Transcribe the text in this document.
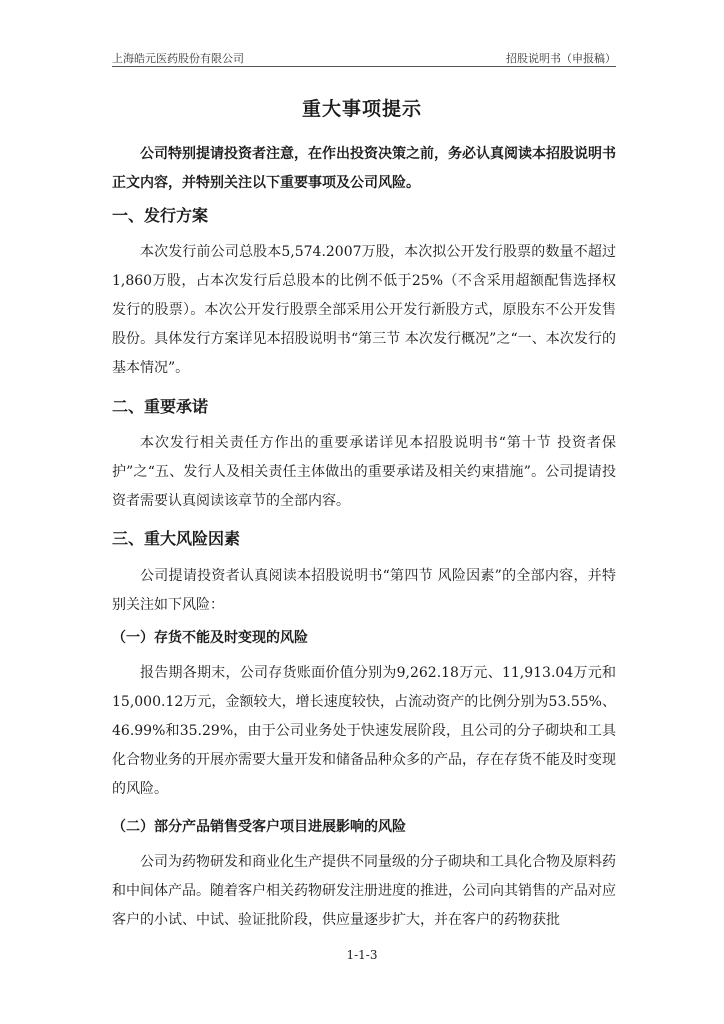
上海皓元医药股份有限公司	招股说明书（申报稿）
重大事项提示

公司特别提请投资者注意，在作出投资决策之前，务必认真阅读本招股说明书正文内容，并特别关注以下重要事项及公司风险。

一、发行方案

本次发行前公司总股本5,574.2007万股，本次拟公开发行股票的数量不超过1,860万股，占本次发行后总股本的比例不低于25%（不含采用超额配售选择权发行的股票）。本次公开发行股票全部采用公开发行新股方式，原股东不公开发售股份。具体发行方案详见本招股说明书“第三节 本次发行概况”之“一、本次发行的基本情况”。

二、重要承诺

本次发行相关责任方作出的重要承诺详见本招股说明书“第十节 投资者保护”之“五、发行人及相关责任主体做出的重要承诺及相关约束措施”。公司提请投资者需要认真阅读该章节的全部内容。

三、重大风险因素

公司提请投资者认真阅读本招股说明书“第四节 风险因素”的全部内容，并特别关注如下风险：

（一）存货不能及时变现的风险

报告期各期末，公司存货账面价值分别为9,262.18万元、11,913.04万元和15,000.12万元，金额较大，增长速度较快，占流动资产的比例分别为53.55%、46.99%和35.29%，由于公司业务处于快速发展阶段，且公司的分子砌块和工具化合物业务的开展亦需要大量开发和储备品种众多的产品，存在存货不能及时变现的风险。

（二）部分产品销售受客户项目进展影响的风险

公司为药物研发和商业化生产提供不同量级的分子砌块和工具化合物及原料药和中间体产品。随着客户相关药物研发注册进度的推进，公司向其销售的产品对应客户的小试、中试、验证批阶段，供应量逐步扩大，并在客户的药物获批

1-1-3
